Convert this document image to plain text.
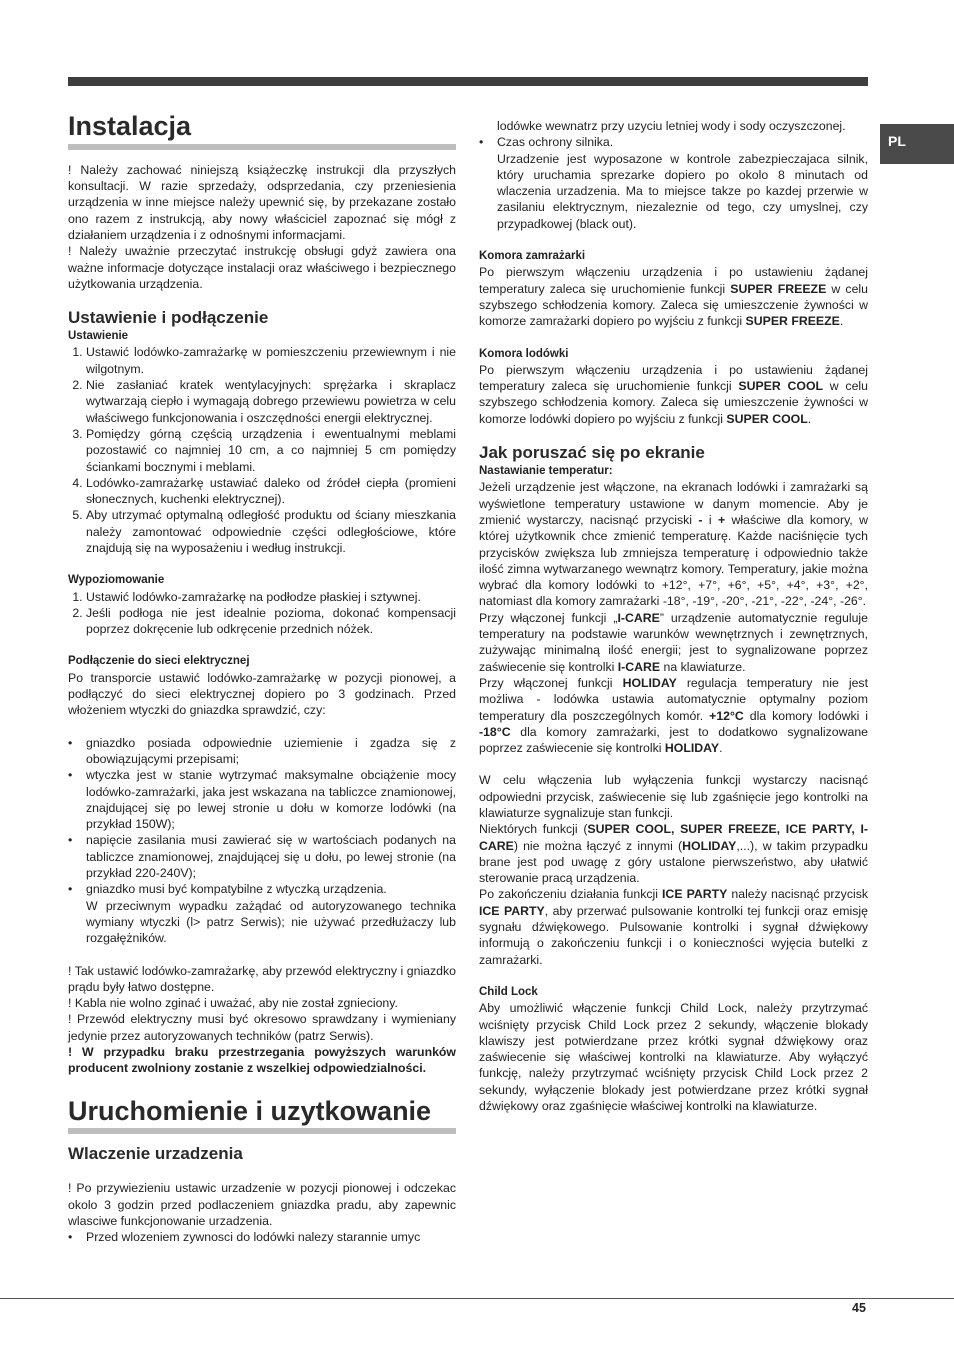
PL
Instalacja

! Należy zachować niniejszą książeczkę instrukcji dla przyszłych konsultacji. W razie sprzedaży, odsprzedania, czy przeniesienia urządzenia w inne miejsce należy upewnić się, by przekazane zostało ono razem z instrukcją, aby nowy właściciel zapoznać się mógł z działaniem urządzenia i z odnośnymi informacjami.

! Należy uważnie przeczytać instrukcję obsługi gdyż zawiera ona ważne informacje dotyczące instalacji oraz właściwego i bezpiecznego użytkowania urządzenia.

Ustawienie i podłączenie
Ustawienie
1. Ustawić lodówko-zamrażarkę w pomieszczeniu przewiewnym i nie wilgotnym.
2. Nie zasłaniać kratek wentylacyjnych: sprężarka i skraplacz wytwarzają ciepło i wymagają dobrego przewiewu powietrza w celu właściwego funkcjonowania i oszczędności energii elektrycznej.
3. Pomiędzy górną częścią urządzenia i ewentualnymi meblami pozostawić co najmniej 10 cm, a co najmniej 5 cm pomiędzy ściankami bocznymi i meblami.
4. Lodówko-zamrażarkę ustawiać daleko od źródeł ciepła (promieni słonecznych, kuchenki elektrycznej).
5. Aby utrzymać optymalną odległość produktu od ściany mieszkania należy zamontować odpowiednie części odległościowe, które znajdują się na wyposażeniu i według instrukcji.
Wypoziomowanie
1. Ustawić lodówko-zamrażarkę na podłodze płaskiej i sztywnej.
2. Jeśli podłoga nie jest idealnie pozioma, dokonać kompensacji poprzez dokręcenie lub odkręcenie przednich nóżek.
Podłączenie do sieci elektrycznej

Po transporcie ustawić lodówko-zamrażarkę w pozycji pionowej, a podłączyć do sieci elektrycznej dopiero po 3 godzinach. Przed włożeniem wtyczki do gniazdka sprawdzić, czy:

• gniazdko posiada odpowiednie uziemienie i zgadza się z obowiązującymi przepisami;
• wtyczka jest w stanie wytrzymać maksymalne obciążenie mocy lodówko-zamrażarki, jaka jest wskazana na tabliczce znamionowej, znajdującej się po lewej stronie u dołu w komorze lodówki (na przykład 150W);
• napięcie zasilania musi zawierać się w wartościach podanych na tabliczce znamionowej, znajdującej się u dołu, po lewej stronie (na przykład 220-240V);
• gniazdko musi być kompatybilne z wtyczką urządzenia.

W przeciwnym wypadku zażądać od autoryzowanego technika wymiany wtyczki (l> patrz Serwis); nie używać przedłużaczy lub rozgałężników.

! Tak ustawić lodówko-zamrażarkę, aby przewód elektryczny i gniazdko prądu były łatwo dostępne.

! Kabla nie wolno zginać i uważać, aby nie został zgnieciony.

! Przewód elektryczny musi być okresowo sprawdzany i wymieniany jedynie przez autoryzowanych techników (patrz Serwis).

! W przypadku braku przestrzegania powyższych warunków producent zwolniony zostanie z wszelkiej odpowiedzialności.

Uruchomienie i uzytkowanie
Wlaczenie urzadzenia

! Po przywiezieniu ustawic urzadzenie w pozycji pionowej i odczekac okolo 3 godzin przed podlaczeniem gniazdka pradu, aby zapewnic wlasciwe funkcjonowanie urzadzenia.

• Przed wlozeniem zywnosci do lodówki nalezy starannie umyc

lodówke wewnatrz przy uzyciu letniej wody i sody oczyszczonej.

• Czas ochrony silnika.

Urzadzenie jest wyposazone w kontrole zabezpieczajaca silnik, który uruchamia sprezarke dopiero po okolo 8 minutach od wlaczenia urzadzenia. Ma to miejsce takze po kazdej przerwie w zasilaniu elektrycznym, niezaleznie od tego, czy umyslnej, czy przypadkowej (black out).

Komora zamrażarki

Po pierwszym włączeniu urządzenia i po ustawieniu żądanej temperatury zaleca się uruchomienie funkcji SUPER FREEZE w celu szybszego schłodzenia komory. Zaleca się umieszczenie żywności w komorze zamrażarki dopiero po wyjściu z funkcji SUPER FREEZE.

Komora lodówki

Po pierwszym włączeniu urządzenia i po ustawieniu żądanej temperatury zaleca się uruchomienie funkcji SUPER COOL w celu szybszego schłodzenia komory. Zaleca się umieszczenie żywności w komorze lodówki dopiero po wyjściu z funkcji SUPER COOL.

Jak poruszać się po ekranie
Nastawianie temperatur:

Jeżeli urządzenie jest włączone, na ekranach lodówki i zamrażarki są wyświetlone temperatury ustawione w danym momencie. Aby je zmienić wystarczy, nacisnąć przyciski - i + właściwe dla komory, w której użytkownik chce zmienić temperaturę. Każde naciśnięcie tych przycisków zwiększa lub zmniejsza temperaturę i odpowiednio także ilość zimna wytwarzanego wewnątrz komory. Temperatury, jakie można wybrać dla komory lodówki to +12°, +7°, +6°, +5°, +4°, +3°, +2°, natomiast dla komory zamrażarki -18°, -19°, -20°, -21°, -22°, -24°, -26°.

Przy włączonej funkcji „I-CARE” urządzenie automatycznie reguluje temperatury na podstawie warunków wewnętrznych i zewnętrznych, zużywając minimalną ilość energii; jest to sygnalizowane poprzez zaświecenie się kontrolki I-CARE na klawiaturze.

Przy włączonej funkcji HOLIDAY regulacja temperatury nie jest możliwa - lodówka ustawia automatycznie optymalny poziom temperatury dla poszczególnych komór. +12°C dla komory lodówki i -18°C dla komory zamrażarki, jest to dodatkowo sygnalizowane poprzez zaświecenie się kontrolki HOLIDAY.

W celu włączenia lub wyłączenia funkcji wystarczy nacisnąć odpowiedni przycisk, zaświecenie się lub zgaśnięcie jego kontrolki na klawiaturze sygnalizuje stan funkcji.

Niektórych funkcji (SUPER COOL, SUPER FREEZE, ICE PARTY, I-CARE) nie można łączyć z innymi (HOLIDAY,...), w takim przypadku brane jest pod uwagę z góry ustalone pierwszeństwo, aby ułatwić sterowanie pracą urządzenia.

Po zakończeniu działania funkcji ICE PARTY należy nacisnąć przycisk ICE PARTY, aby przerwać pulsowanie kontrolki tej funkcji oraz emisję sygnału dźwiękowego. Pulsowanie kontrolki i sygnał dźwiękowy informują o zakończeniu funkcji i o konieczności wyjęcia butelki z zamrażarki.

Child Lock

Aby umożliwić włączenie funkcji Child Lock, należy przytrzymać wciśnięty przycisk Child Lock przez 2 sekundy, włączenie blokady klawiszy jest potwierdzane przez krótki sygnał dźwiękowy oraz zaświecenie się właściwej kontrolki na klawiaturze. Aby wyłączyć funkcję, należy przytrzymać wciśnięty przycisk Child Lock przez 2 sekundy, wyłączenie blokady jest potwierdzane przez krótki sygnał dźwiękowy oraz zgaśnięcie właściwej kontrolki na klawiaturze.

45
